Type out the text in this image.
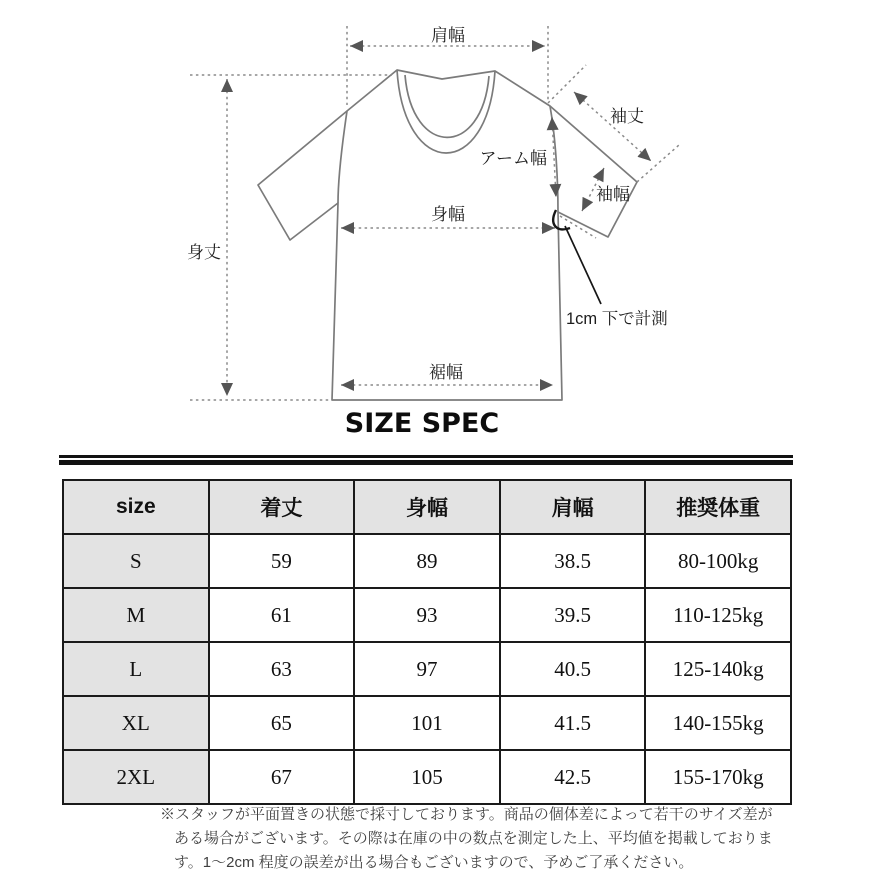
肩幅
身丈
袖丈
アーム幅
袖幅
身幅
裾幅
1cm 下で計測
SIZE SPEC
size	着丈	身幅	肩幅	推奨体重
S	59	89	38.5	80-100kg
M	61	93	39.5	110-125kg
L	63	97	40.5	125-140kg
XL	65	101	41.5	140-155kg
2XL	67	105	42.5	155-170kg
※スタッフが平面置きの状態で採寸しております。商品の個体差によって若干のサイズ差が
ある場合がございます。その際は在庫の中の数点を測定した上、平均値を掲載しておりま
す。1～2cm 程度の誤差が出る場合もございますので、予めご了承ください。
